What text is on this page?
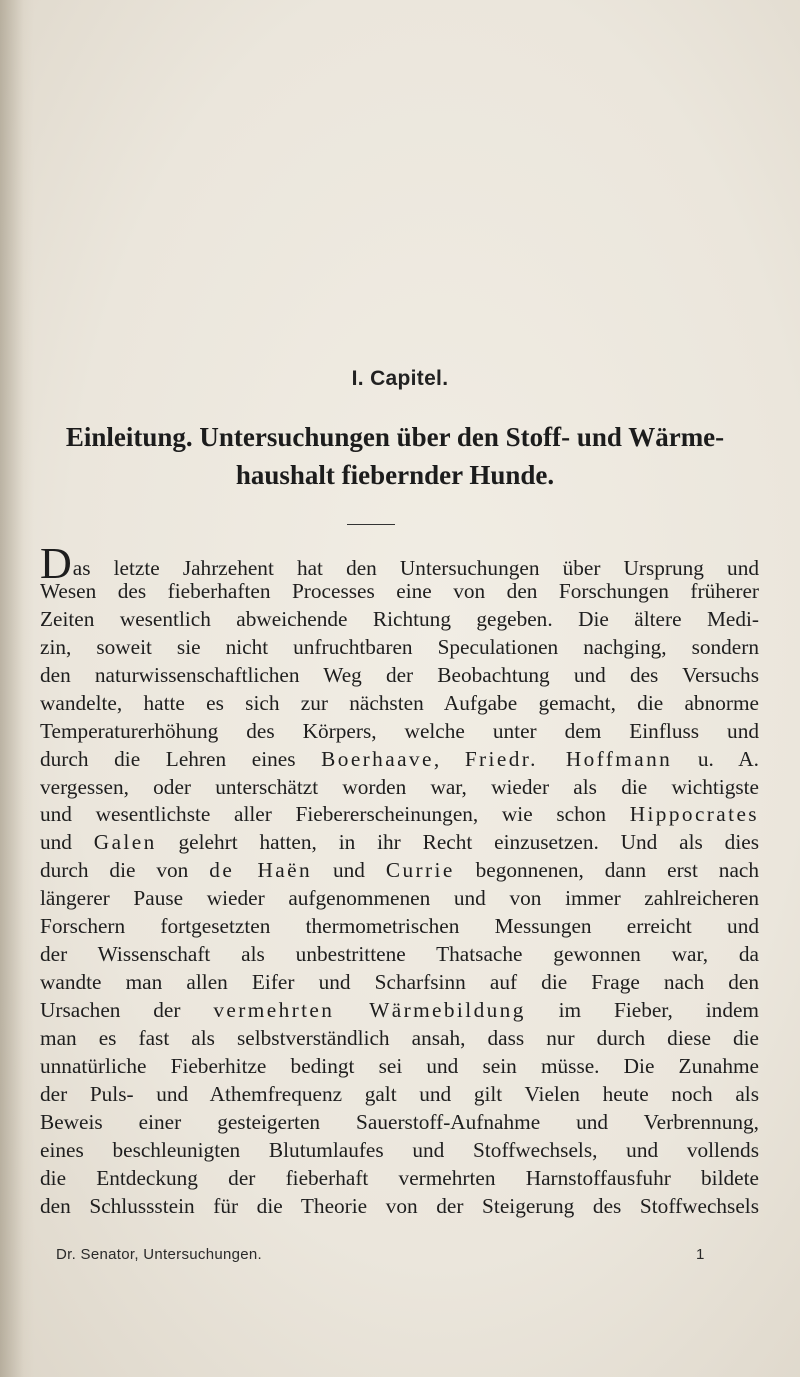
I. Capitel.
Einleitung. Untersuchungen über den Stoff- und Wärme-
haushalt fiebernder Hunde.
Das letzte Jahrzehent hat den Untersuchungen über Ursprung und
Wesen des fieberhaften Processes eine von den Forschungen früherer
Zeiten wesentlich abweichende Richtung gegeben. Die ältere Medi-
zin, soweit sie nicht unfruchtbaren Speculationen nachging, sondern
den naturwissenschaftlichen Weg der Beobachtung und des Versuchs
wandelte, hatte es sich zur nächsten Aufgabe gemacht, die abnorme
Temperaturerhöhung des Körpers, welche unter dem Einfluss und
durch die Lehren eines Boerhaave, Friedr. Hoffmann u. A.
vergessen, oder unterschätzt worden war, wieder als die wichtigste
und wesentlichste aller Fiebererscheinungen, wie schon Hippocrates
und Galen gelehrt hatten, in ihr Recht einzusetzen. Und als dies
durch die von de Haën und Currie begonnenen, dann erst nach
längerer Pause wieder aufgenommenen und von immer zahlreicheren
Forschern fortgesetzten thermometrischen Messungen erreicht und
der Wissenschaft als unbestrittene Thatsache gewonnen war, da
wandte man allen Eifer und Scharfsinn auf die Frage nach den
Ursachen der vermehrten Wärmebildung im Fieber, indem
man es fast als selbstverständlich ansah, dass nur durch diese die
unnatürliche Fieberhitze bedingt sei und sein müsse. Die Zunahme
der Puls- und Athemfrequenz galt und gilt Vielen heute noch als
Beweis einer gesteigerten Sauerstoff-Aufnahme und Verbrennung,
eines beschleunigten Blutumlaufes und Stoffwechsels, und vollends
die Entdeckung der fieberhaft vermehrten Harnstoffausfuhr bildete
den Schlussstein für die Theorie von der Steigerung des Stoffwechsels
Dr. Senator, Untersuchungen.	1
